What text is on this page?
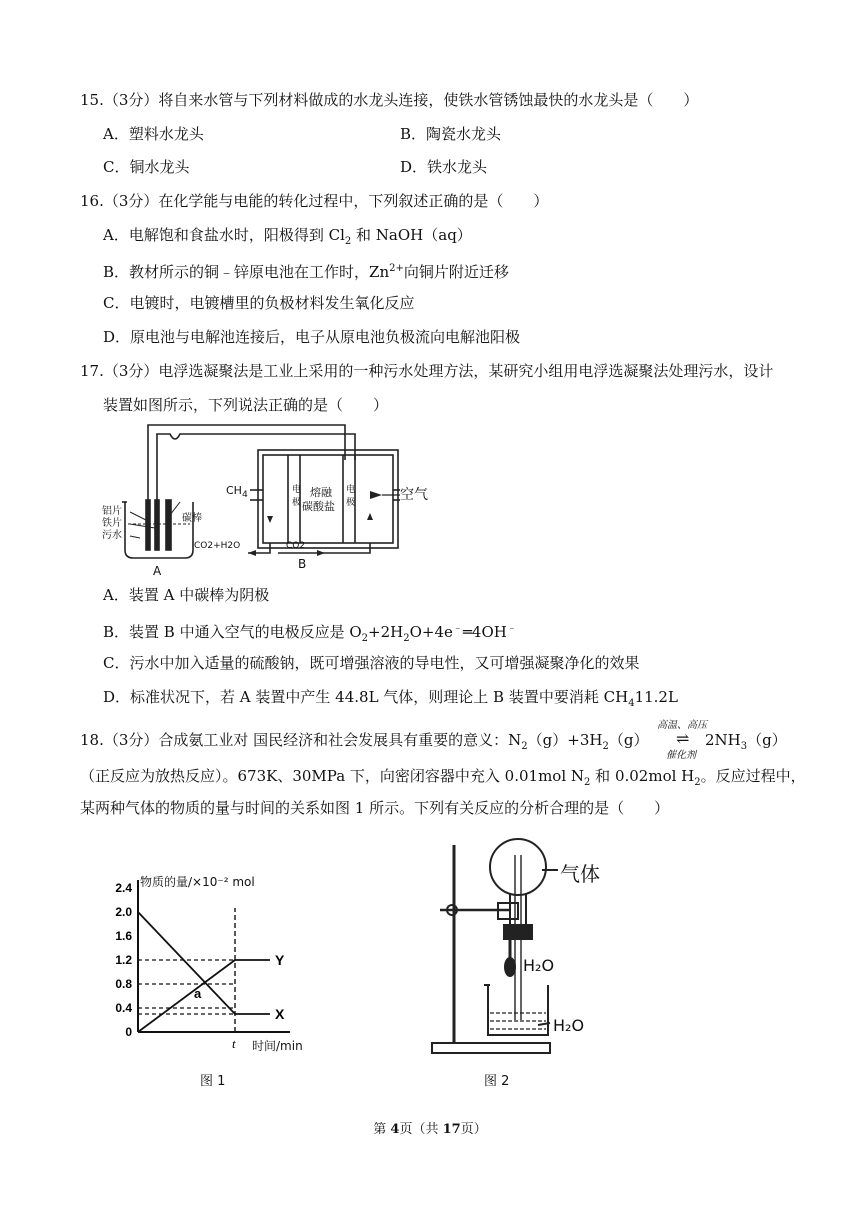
15.（3分）将自来水管与下列材料做成的水龙头连接，使铁水管锈蚀最快的水龙头是（　　）
A．塑料水龙头	B．陶瓷水龙头
C．铜水龙头	D．铁水龙头
16.（3分）在化学能与电能的转化过程中，下列叙述正确的是（　　）
A．电解饱和食盐水时，阳极得到 $Cl_2$ 和 NaOH（aq）
B．教材所示的铜﹣锌原电池在工作时，$Zn^{2+}$向铜片附近迁移
C．电镀时，电镀槽里的负极材料发生氧化反应
D．原电池与电解池连接后，电子从原电池负极流向电解池阳极
17.（3分）电浮选凝聚法是工业上采用的一种污水处理方法，某研究小组用电浮选凝聚法处理污水，设计
装置如图所示，下列说法正确的是（　　）
铝片
铁片
污水
碳棒
A	B
$CH_4$	空气
电极
电极
熔融
碳酸盐
CO2+H2O	CO2
A．装置 A 中碳棒为阴极
B．装置 B 中通入空气的电极反应是 $O_2+2H_2O+4e^﹣═4OH^﹣$
C．污水中加入适量的硫酸钠，既可增强溶液的导电性，又可增强凝聚净化的效果
D．标准状况下，若 A 装置中产生 44.8L 气体，则理论上 B 装置中要消耗 $CH_411.2L$
18.（3分）合成氨工业对 国民经济和社会发展具有重要的意义：$N_2(g)+3H_2(g)$
高温、高压
⇌
催化剂
$2NH_3(g)$
（正反应为放热反应）。673K、30MPa 下，向密闭容器中充入 0.01mol $N_2$ 和 0.02mol $H_2$。反应过程中，
某两种气体的物质的量与时间的关系如图 1 所示。下列有关反应的分析合理的是（　　）
2.4
2.0
1.6
1.2
0.8
0.4
0
t
X
Y
a
物质的量/×10⁻² mol
时间/min
图 1
气体
H₂O
H₂O
图 2
第 4页（共 17页）
